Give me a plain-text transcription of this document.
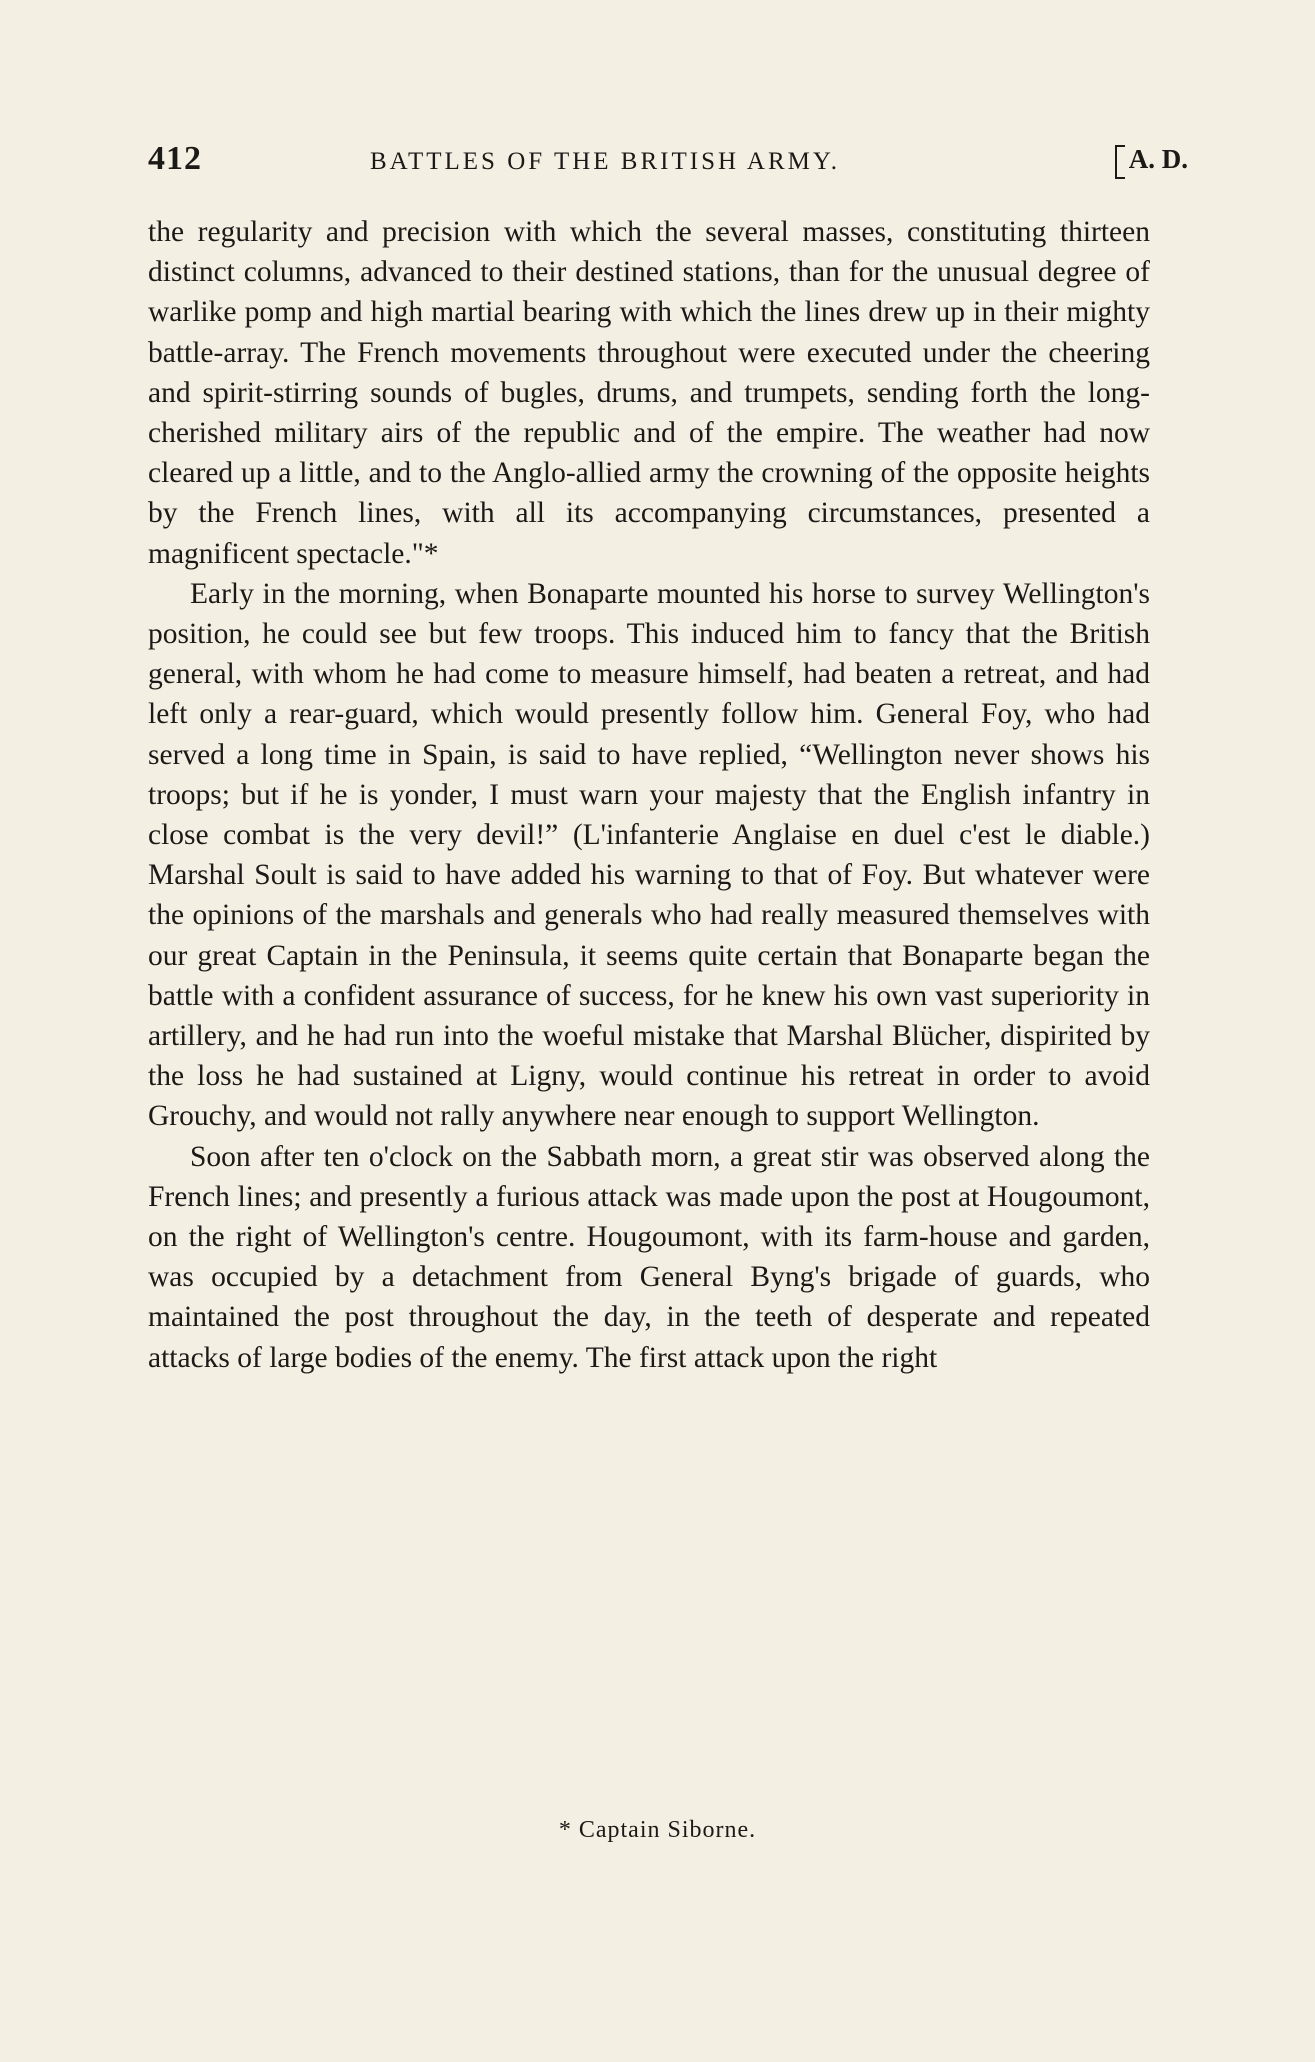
412	BATTLES OF THE BRITISH ARMY.	A. D.

the regularity and precision with which the several masses, constituting thirteen distinct columns, advanced to their destined stations, than for the unusual degree of warlike pomp and high martial bearing with which the lines drew up in their mighty battle-array. The French movements throughout were executed under the cheering and spirit-stirring sounds of bugles, drums, and trumpets, sending forth the long-cherished military airs of the republic and of the empire. The weather had now cleared up a little, and to the Anglo-allied army the crowning of the opposite heights by the French lines, with all its accompanying circumstances, presented a magnificent spectacle."*

Early in the morning, when Bonaparte mounted his horse to survey Wellington's position, he could see but few troops. This induced him to fancy that the British general, with whom he had come to measure himself, had beaten a retreat, and had left only a rear-guard, which would presently follow him. General Foy, who had served a long time in Spain, is said to have replied, “Wellington never shows his troops; but if he is yonder, I must warn your majesty that the English infantry in close combat is the very devil!” (L'infanterie Anglaise en duel c'est le diable.) Marshal Soult is said to have added his warning to that of Foy. But whatever were the opinions of the marshals and generals who had really measured themselves with our great Captain in the Peninsula, it seems quite certain that Bonaparte began the battle with a confident assurance of success, for he knew his own vast superiority in artillery, and he had run into the woeful mistake that Marshal Blücher, dispirited by the loss he had sustained at Ligny, would continue his retreat in order to avoid Grouchy, and would not rally anywhere near enough to support Wellington.

Soon after ten o'clock on the Sabbath morn, a great stir was observed along the French lines; and presently a furious attack was made upon the post at Hougoumont, on the right of Wellington's centre. Hougoumont, with its farm-house and garden, was occupied by a detachment from General Byng's brigade of guards, who maintained the post throughout the day, in the teeth of desperate and repeated attacks of large bodies of the enemy. The first attack upon the right

* Captain Siborne.
